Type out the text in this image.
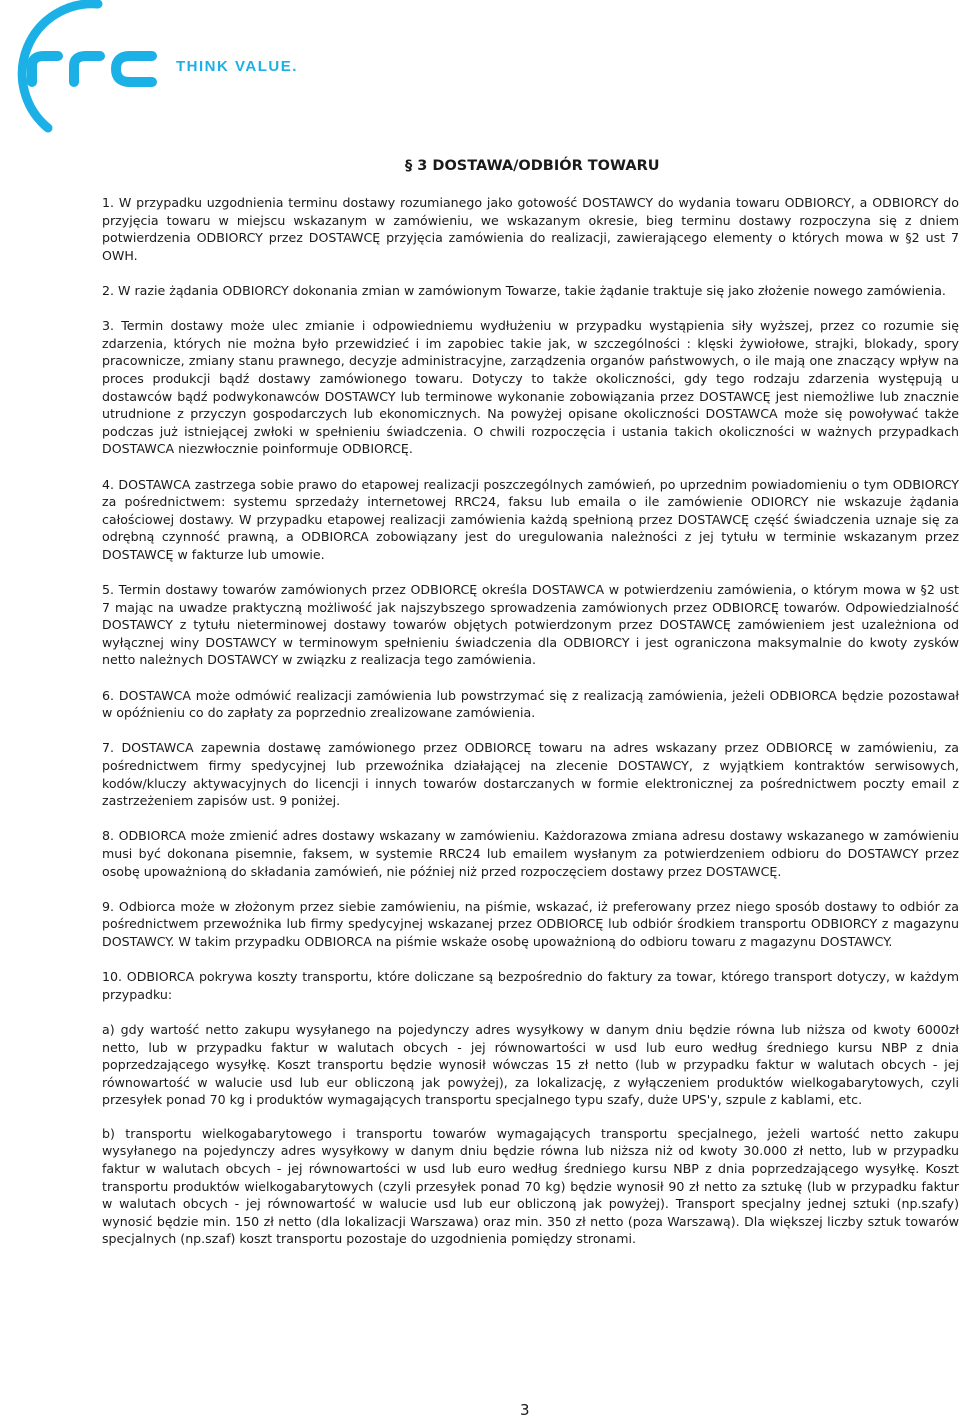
THINK VALUE.
§ 3 DOSTAWA/ODBIÓR TOWARU

1. W przypadku uzgodnienia terminu dostawy rozumianego jako gotowość DOSTAWCY do wydania towaru ODBIORCY, a ODBIORCY do przyjęcia towaru w miejscu wskazanym w zamówieniu, we wskazanym okresie, bieg terminu dostawy rozpoczyna się z dniem potwierdzenia ODBIORCY przez DOSTAWCĘ przyjęcia zamówienia do realizacji, zawierającego elementy o których mowa w §2 ust 7 OWH.

2. W razie żądania ODBIORCY dokonania zmian w zamówionym Towarze, takie żądanie traktuje się jako złożenie nowego zamówienia.

3. Termin dostawy może ulec zmianie i odpowiedniemu wydłużeniu w przypadku wystąpienia siły wyższej, przez co rozumie się zdarzenia, których nie można było przewidzieć i im zapobiec takie jak, w szczególności : klęski żywiołowe, strajki, blokady, spory pracownicze, zmiany stanu prawnego, decyzje administracyjne, zarządzenia organów państwowych, o ile mają one znaczący wpływ na proces produkcji bądź dostawy zamówionego towaru. Dotyczy to także okoliczności, gdy tego rodzaju zdarzenia występują u dostawców bądź podwykonawców DOSTAWCY lub terminowe wykonanie zobowiązania przez DOSTAWCĘ jest niemożliwe lub znacznie utrudnione z przyczyn gospodarczych lub ekonomicznych. Na powyżej opisane okoliczności DOSTAWCA może się powoływać także podczas już istniejącej zwłoki w spełnieniu świadczenia. O chwili rozpoczęcia i ustania takich okoliczności w ważnych przypadkach DOSTAWCA niezwłocznie poinformuje ODBIORCĘ.

4. DOSTAWCA zastrzega sobie prawo do etapowej realizacji poszczególnych zamówień, po uprzednim powiadomieniu o tym ODBIORCY za pośrednictwem: systemu sprzedaży internetowej RRC24, faksu lub emaila o ile zamówienie ODIORCY nie wskazuje żądania całościowej dostawy. W przypadku etapowej realizacji zamówienia każdą spełnioną przez DOSTAWCĘ część świadczenia uznaje się za odrębną czynność prawną, a ODBIORCA zobowiązany jest do uregulowania należności z jej tytułu w terminie wskazanym przez DOSTAWCĘ w fakturze lub umowie.

5. Termin dostawy towarów zamówionych przez ODBIORCĘ określa DOSTAWCA w potwierdzeniu zamówienia, o którym mowa w §2 ust 7 mając na uwadze praktyczną możliwość jak najszybszego sprowadzenia zamówionych przez ODBIORCĘ towarów. Odpowiedzialność DOSTAWCY z tytułu nieterminowej dostawy towarów objętych potwierdzonym przez DOSTAWCĘ zamówieniem jest uzależniona od wyłącznej winy DOSTAWCY w terminowym spełnieniu świadczenia dla ODBIORCY i jest ograniczona maksymalnie do kwoty zysków netto należnych DOSTAWCY w związku z realizacja tego zamówienia.

6. DOSTAWCA może odmówić realizacji zamówienia lub powstrzymać się z realizacją zamówienia, jeżeli ODBIORCA będzie pozostawał w opóźnieniu co do zapłaty za poprzednio zrealizowane zamówienia.

7. DOSTAWCA zapewnia dostawę zamówionego przez ODBIORCĘ towaru na adres wskazany przez ODBIORCĘ w zamówieniu, za pośrednictwem firmy spedycyjnej lub przewoźnika działającej na zlecenie DOSTAWCY, z wyjątkiem kontraktów serwisowych, kodów/kluczy aktywacyjnych do licencji i innych towarów dostarczanych w formie elektronicznej za pośrednictwem poczty email z zastrzeżeniem zapisów ust. 9 poniżej.

8. ODBIORCA może zmienić adres dostawy wskazany w zamówieniu. Każdorazowa zmiana adresu dostawy wskazanego w zamówieniu musi być dokonana pisemnie, faksem, w systemie RRC24 lub emailem wysłanym za potwierdzeniem odbioru do DOSTAWCY przez osobę upoważnioną do składania zamówień, nie później niż przed rozpoczęciem dostawy przez DOSTAWCĘ.

9. Odbiorca może w złożonym przez siebie zamówieniu, na piśmie, wskazać, iż preferowany przez niego sposób dostawy to odbiór za pośrednictwem przewoźnika lub firmy spedycyjnej wskazanej przez ODBIORCĘ lub odbiór środkiem transportu ODBIORCY z magazynu DOSTAWCY. W takim przypadku ODBIORCA na piśmie wskaże osobę upoważnioną do odbioru towaru z magazynu DOSTAWCY.

10. ODBIORCA pokrywa koszty transportu, które doliczane są bezpośrednio do faktury za towar, którego transport dotyczy, w każdym przypadku:

a) gdy wartość netto zakupu wysyłanego na pojedynczy adres wysyłkowy w danym dniu będzie równa lub niższa od kwoty 6000zł netto, lub w przypadku faktur w walutach obcych - jej równowartości w usd lub euro według średniego kursu NBP z dnia poprzedzającego wysyłkę. Koszt transportu będzie wynosił wówczas 15 zł netto (lub w przypadku faktur w walutach obcych - jej równowartość w walucie usd lub eur obliczoną jak powyżej), za lokalizację, z wyłączeniem produktów wielkogabarytowych, czyli przesyłek ponad 70 kg i produktów wymagających transportu specjalnego typu szafy, duże UPS'y, szpule z kablami, etc.

b) transportu wielkogabarytowego i transportu towarów wymagających transportu specjalnego, jeżeli wartość netto zakupu wysyłanego na pojedynczy adres wysyłkowy w danym dniu będzie równa lub niższa niż od kwoty 30.000 zł netto, lub w przypadku faktur w walutach obcych - jej równowartości w usd lub euro według średniego kursu NBP z dnia poprzedzającego wysyłkę. Koszt transportu produktów wielkogabarytowych (czyli przesyłek ponad 70 kg) będzie wynosił 90 zł netto za sztukę (lub w przypadku faktur w walutach obcych - jej równowartość w walucie usd lub eur obliczoną jak powyżej). Transport specjalny jednej sztuki (np.szafy) wynosić będzie min. 150 zł netto (dla lokalizacji Warszawa) oraz min. 350 zł netto (poza Warszawą). Dla większej liczby sztuk towarów specjalnych (np.szaf) koszt transportu pozostaje do uzgodnienia pomiędzy stronami.

3
